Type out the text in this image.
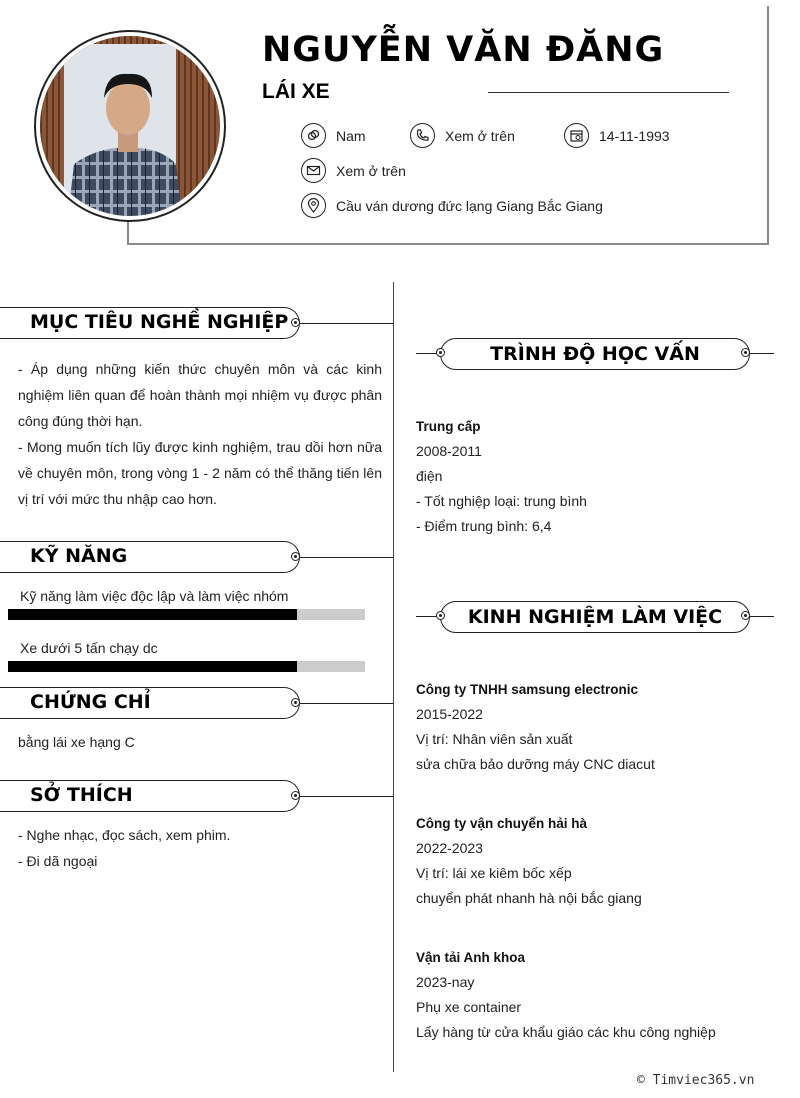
NGUYỄN VĂN ĐĂNG
LÁI XE
Nam	Xem ở trên	14-11-1993
Xem ở trên
Cầu ván dương đức lạng Giang Bắc Giang
MỤC TIÊU NGHỀ NGHIỆP
- Áp dụng những kiến thức chuyên môn và các kinh nghiệm liên quan để hoàn thành mọi nhiệm vụ được phân công đúng thời hạn.
- Mong muốn tích lũy được kinh nghiệm, trau dồi hơn nữa về chuyên môn, trong vòng 1 - 2 năm có thể thăng tiến lên vị trí với mức thu nhập cao hơn.
KỸ NĂNG
Kỹ năng làm việc độc lập và làm việc nhóm
Xe dưới 5 tấn chạy dc
CHỨNG CHỈ
bằng lái xe hạng C
SỞ THÍCH
- Nghe nhạc, đọc sách, xem phim.
- Đi dã ngoại
TRÌNH ĐỘ HỌC VẤN
Trung cấp
2008-2011
điện
- Tốt nghiệp loại: trung bình
- Điểm trung bình: 6,4
KINH NGHIỆM LÀM VIỆC
Công ty TNHH samsung electronic
2015-2022
Vị trí: Nhân viên sản xuất
sửa chữa bảo dưỡng máy CNC diacut
Công ty vận chuyển hải hà
2022-2023
Vị trí: lái xe kiêm bốc xếp
chuyển phát nhanh hà nội bắc giang
Vận tải Anh khoa
2023-nay
Phụ xe container
Lấy hàng từ cửa khẩu giáo các khu công nghiệp
© Timviec365.vn
